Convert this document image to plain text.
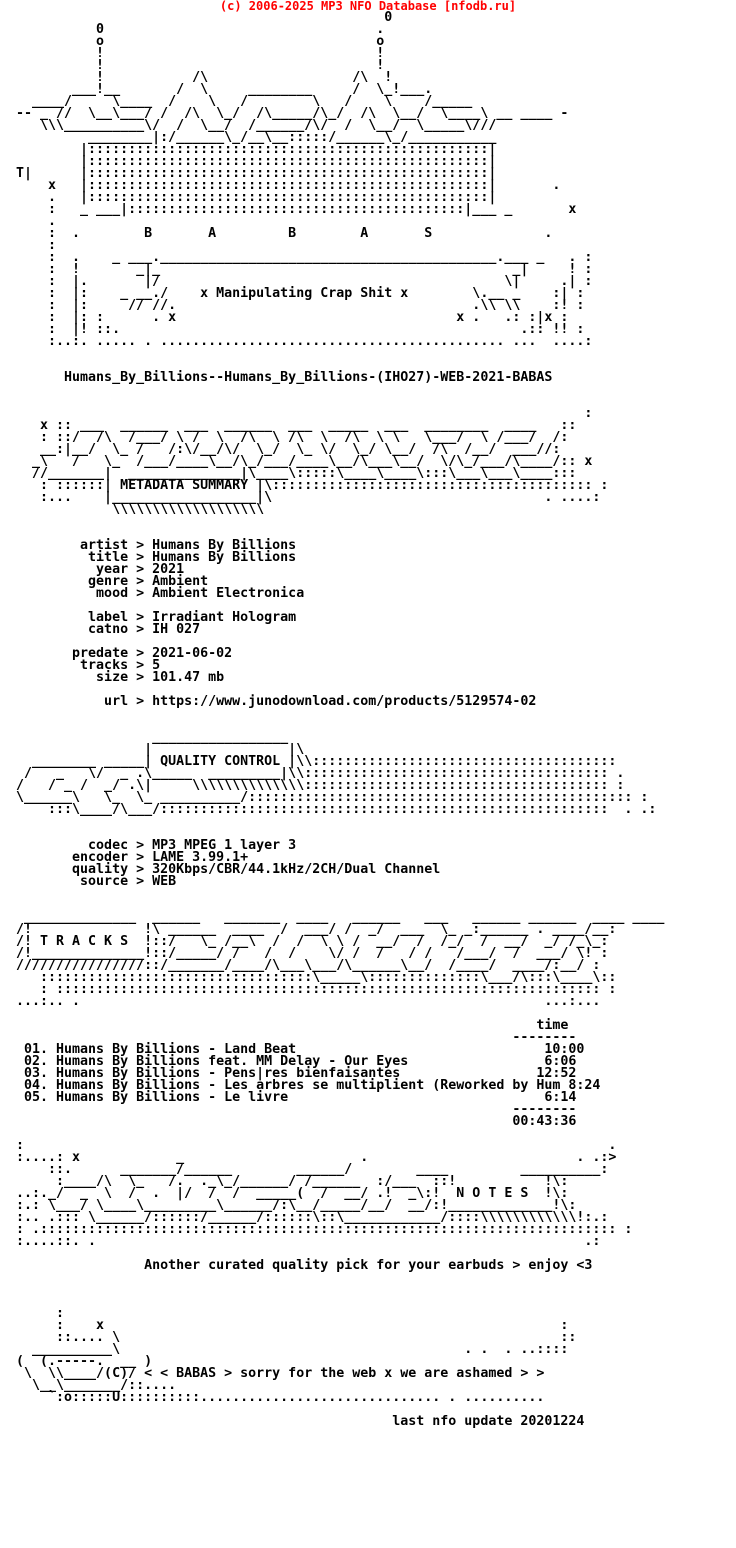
(c) 2006-2025 MP3 NFO Database [nfodb.ru]
0
0                                  .
o                                  o
!                                  !
!                                  !
!           /\                  /\  !
___!__       /  \     ________     /  \_!___.
____/     \____  /    \   /        \   /    \    /_____
-- _ //  \__\___/ /  /\  \_/  /\_____/\_/  /\  \__/  \____\ __ ____ -
\\\__________\/  /  \__/  /______/\/  /  \__/  \_____\///
________|:/______\_/__\__:::::/______\_/___________
|::::::::::::::::::::::::::::::::::::::::::::::::::|
|::::::::::::::::::::::::::::::::::::::::::::::::::|
T|      |::::::::::::::::::::::::::::::::::::::::::::::::::|
x   |::::::::::::::::::::::::::::::::::::::::::::::::::|       .
.   |::::::::::::::::::::::::::::::::::::::::::::::::::|
:   _ ___|::::::::::::::::::::::::::::::::::::::::::|___ _       x
.
:  .        B       A         B        A       S              .
:
:  .    _ ___.__________________________________________.___ _   . :
:  !       _|_                                            _|     ! :
:  |.       |/                                           \|     .| :
:  |:    _ __./    x Manipulating Crap Shit x        \.__ _    :| :
:  |:     // //.                                     .\\ \\    :! :
:  |: :      . x                                   x .   .: :|x :
:  |! ::.                                                  .:: !! :
:..:. ..... . ........................................... ...  ....:

Humans_By_Billions--Humans_By_Billions-(IHO27)-WEB-2021-BABAS

:
x :: ___  ______  ___  ______  ___  _____  ___  ________  ____   ::
: ::/  /\  /___/ \ /  \  /\  \ /\  \  /\  \ \   \___/  \ /___/  /:
__:|__/  \_ /   /:\/__/\/  \_/  \_ \/  \_/ \__/  /\  /__/  ___//:
_\   /   \_  /___/____\__/\_/___/____\__/\___\__/  \/\_/___/\____/:: x
//_______|  ______________|\____\:::::\____\____\:::\___\___\____:::
: ::::::| METADATA SUMMARY |\:::::::::::::::::::::::::::::::::::::::: :
:...    |__________________|\                                  . ....:
\\\\\\\\\\\\\\\\\\\

artist > Humans By Billions
title > Humans By Billions
year > 2021
genre > Ambient
mood > Ambient Electronica

label > Irradiant Hologram
catno > IH 027

predate > 2021-06-02
tracks > 5
size > 101.47 mb

url > https://www.junodownload.com/products/5129574-02

_________________
|                 |\
________ _____| QUALITY CONTROL |\\::::::::::::::::::::::::::::::::::::::
/   _   \/  _ .\_____  _________|\\:::::::::::::::::::::::::::::::::::::: .
/   / _ /  _/ .\|     \\\\\\\\\\\\\\:::::::::::::::::::::::::::::::::::::: :
\______\   \_  \_ __________/:::::::::::::::::::::::::::::::::::::::::::::::: :
:::\____/\___/::::::::::::::::::::::::::::::::::::::::::::::::::::::::  . .:

codec > MP3 MPEG 1 layer 3
encoder > LAME 3.99.1+
quality > 320Kbps/CBR/44.1kHz/2CH/Dual Channel
source > WEB

______________  ______   _______  ____   ______   ___   ______ ______  ____ ____
/!              !\ ______  ____  /  ___/ /  _/  ___  \_ _:______ . ____/__:
/! T R A C K S  !::/   \_ /__\  /  /  \ \ /  __/  /  /_/  /  __/  _/ /_\_:
/!______________!::/_____/ /   /  /    \/ /  /   / /   /___/  /  ___/ \! :
////////////////::/_______/____/\___\___/\______\__/  /____/  ____/:__/ :
::::::::::::::::::::::::::::::::::\_____\::::::::::::::\___/\:::\____\::
: :::::::::::::::::::::::::::::::::::::::::::::::::::::::::::::::::::: :
...:.. .                                                          ...:...

time
--------
01. Humans By Billions - Land Beat                               10:00
02. Humans By Billions feat. MM Delay - Our Eyes                 6:06
03. Humans By Billions - Pens|res bienfaisantes                 12:52
04. Humans By Billions - Les arbres se multiplient (Reworked by Hum 8:24
05. Humans By Billions - Le livre                                6:14
--------
00:43:36

:                                                                         .
:....: x            _                      .                          . .:>
::.      _______/______        ______/        ____         __________:
:____/\  \_   /.  ._\_/______/ /______  :/___  ::!           !\:
..:._/  _  \  /  .  |/  /  /  _____(  /  __/ .!  _\:!  N O T E S  !\:
:.: \___/ \____\_________\______/:\__/_____/__/  __/:!_____________!\:
:.. .::: \______/::::::/______/::::::\::\____________/::::\\\\\\\\\\\\!:.:
: .:::::::::::::::::::::::::::::::::::::::::::::::::::::::::::::::::::::::: :
:....::. .                                                             .:

Another curated quality pick for your earbuds > enjoy <3

:
:    x                                                         :
::.... \                                                       ::
__________\                                           . .  . ..::::
(  (.-----.  __ )
\  \\____/(C)/ < < BABAS > sorry for the web x we are ashamed > >
\__\_______/::....
`:o:::::U::::::::::.............................. . ..........

last nfo update 20201224
